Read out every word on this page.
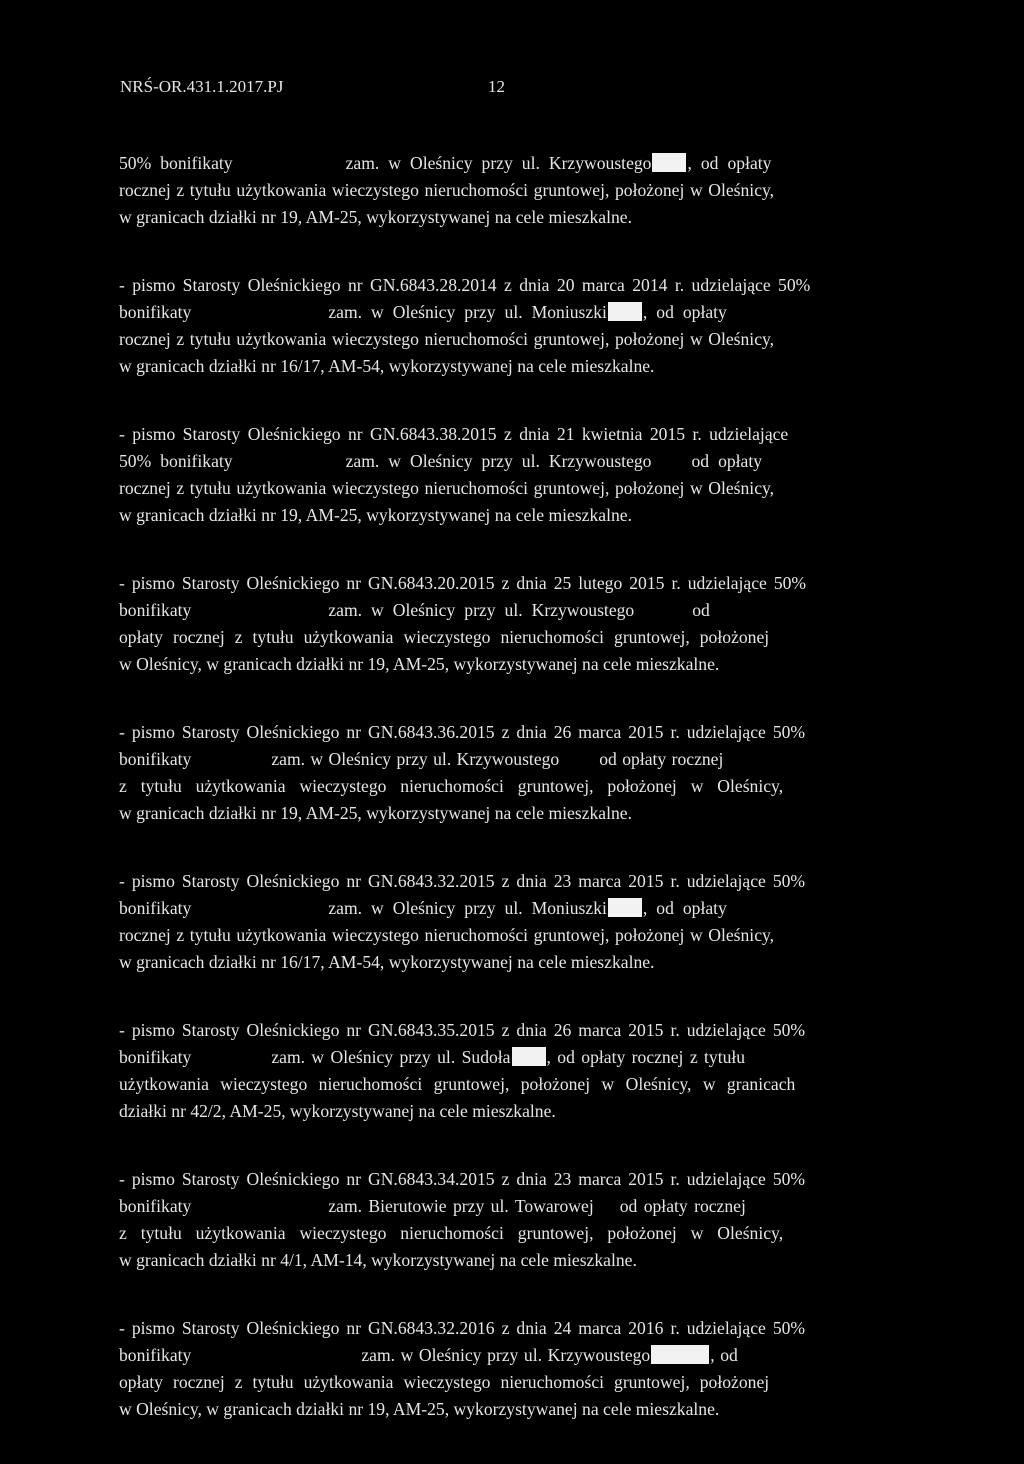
NRŚ-OR.431.1.2017.PJ	12

50% bonifikaty	zam. w Oleśnicy przy ul. Krzywoustego , od opłaty
rocznej z tytułu użytkowania wieczystego nieruchomości gruntowej, położonej w Oleśnicy,
w granicach działki nr 19, AM-25, wykorzystywanej na cele mieszkalne.

- pismo Starosty Oleśnickiego nr GN.6843.28.2014 z dnia 20 marca 2014 r. udzielające 50%
bonifikaty	zam. w Oleśnicy przy ul. Moniuszki , od opłaty
rocznej z tytułu użytkowania wieczystego nieruchomości gruntowej, położonej w Oleśnicy,
w granicach działki nr 16/17, AM-54, wykorzystywanej na cele mieszkalne.

- pismo Starosty Oleśnickiego nr GN.6843.38.2015 z dnia 21 kwietnia 2015 r. udzielające
50% bonifikaty	zam. w Oleśnicy przy ul. Krzywoustego od opłaty
rocznej z tytułu użytkowania wieczystego nieruchomości gruntowej, położonej w Oleśnicy,
w granicach działki nr 19, AM-25, wykorzystywanej na cele mieszkalne.

- pismo Starosty Oleśnickiego nr GN.6843.20.2015 z dnia 25 lutego 2015 r. udzielające 50%
bonifikaty	zam. w Oleśnicy przy ul. Krzywoustego	od
opłaty rocznej z tytułu użytkowania wieczystego nieruchomości gruntowej, położonej
w Oleśnicy, w granicach działki nr 19, AM-25, wykorzystywanej na cele mieszkalne.

- pismo Starosty Oleśnickiego nr GN.6843.36.2015 z dnia 26 marca 2015 r. udzielające 50%
bonifikaty	zam. w Oleśnicy przy ul. Krzywoustego od opłaty rocznej
z tytułu użytkowania wieczystego nieruchomości gruntowej, położonej w Oleśnicy,
w granicach działki nr 19, AM-25, wykorzystywanej na cele mieszkalne.

- pismo Starosty Oleśnickiego nr GN.6843.32.2015 z dnia 23 marca 2015 r. udzielające 50%
bonifikaty	zam. w Oleśnicy przy ul. Moniuszki , od opłaty
rocznej z tytułu użytkowania wieczystego nieruchomości gruntowej, położonej w Oleśnicy,
w granicach działki nr 16/17, AM-54, wykorzystywanej na cele mieszkalne.

- pismo Starosty Oleśnickiego nr GN.6843.35.2015 z dnia 26 marca 2015 r. udzielające 50%
bonifikaty	zam. w Oleśnicy przy ul. Sudoła , od opłaty rocznej z tytułu
użytkowania wieczystego nieruchomości gruntowej, położonej w Oleśnicy, w granicach
działki nr 42/2, AM-25, wykorzystywanej na cele mieszkalne.

- pismo Starosty Oleśnickiego nr GN.6843.34.2015 z dnia 23 marca 2015 r. udzielające 50%
bonifikaty	zam. Bierutowie przy ul. Towarowej od opłaty rocznej
z tytułu użytkowania wieczystego nieruchomości gruntowej, położonej w Oleśnicy,
w granicach działki nr 4/1, AM-14, wykorzystywanej na cele mieszkalne.

- pismo Starosty Oleśnickiego nr GN.6843.32.2016 z dnia 24 marca 2016 r. udzielające 50%
bonifikaty	zam. w Oleśnicy przy ul. Krzywoustego	, od
opłaty rocznej z tytułu użytkowania wieczystego nieruchomości gruntowej, położonej
w Oleśnicy, w granicach działki nr 19, AM-25, wykorzystywanej na cele mieszkalne.
